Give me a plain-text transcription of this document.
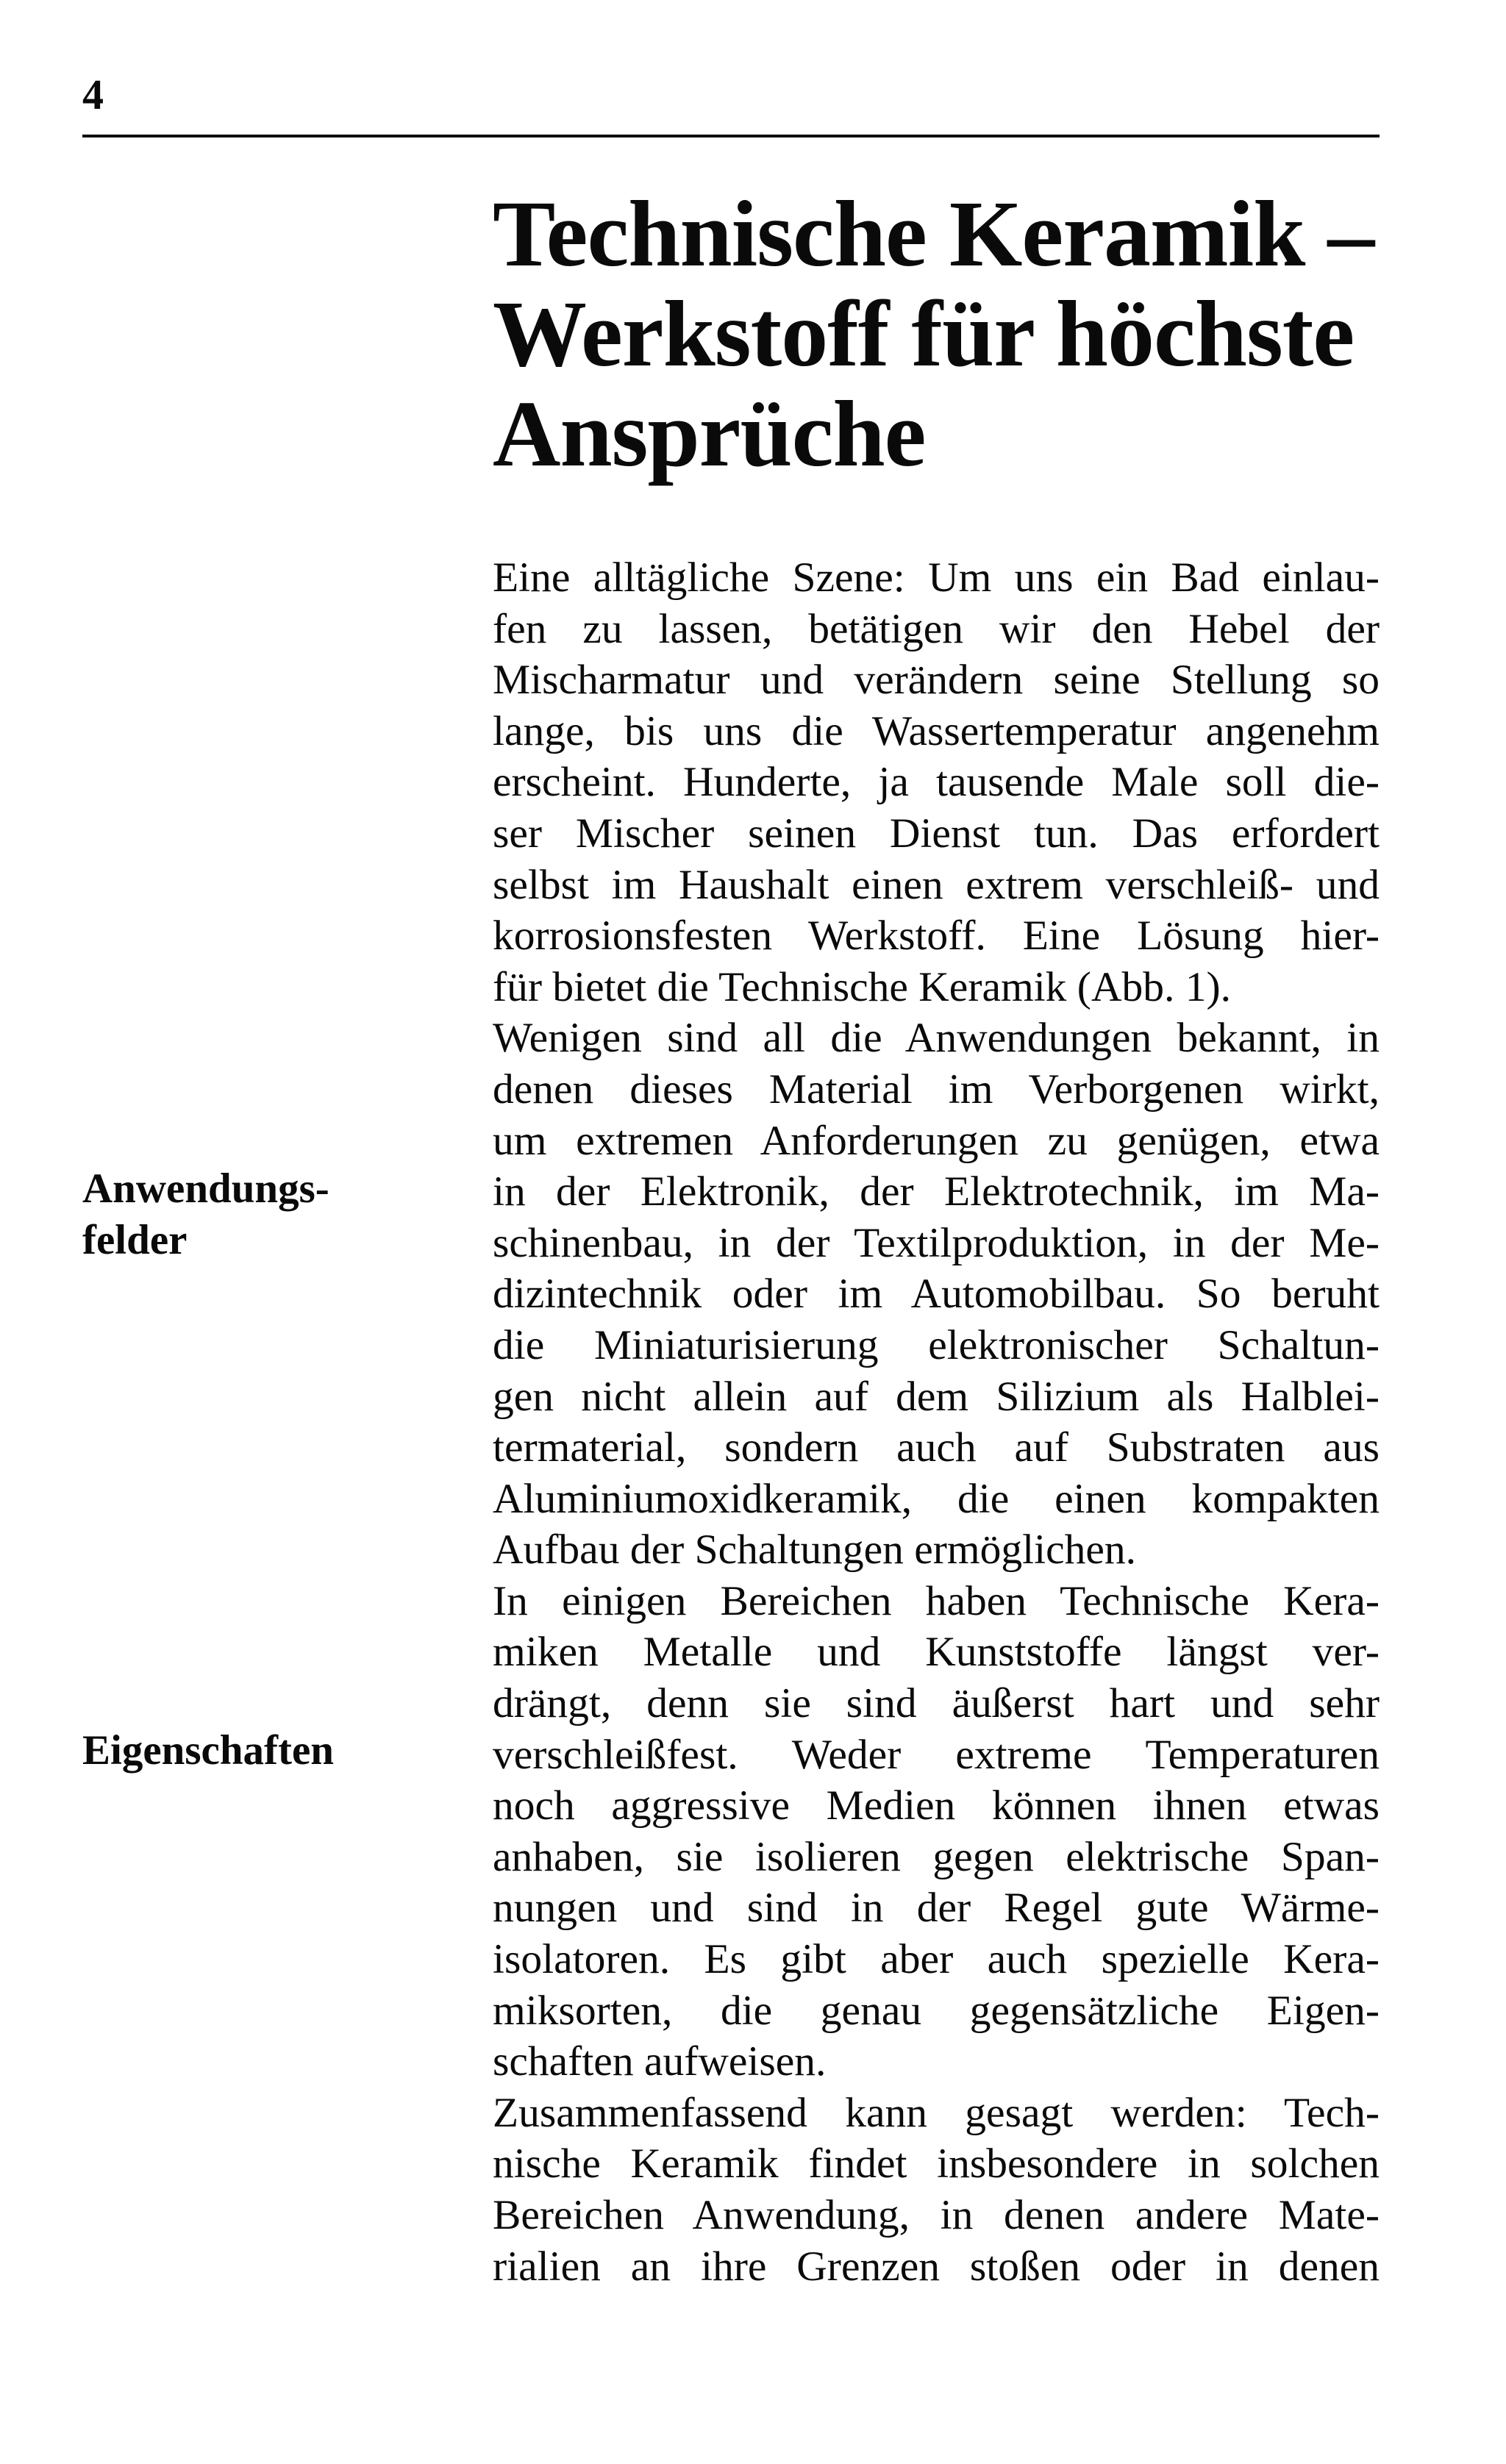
4
Technische Keramik –
Werkstoff für höchste
Ansprüche
Anwendungs-
felder
Eigenschaften
Eine alltägliche Szene: Um uns ein Bad einlau-
fen zu lassen, betätigen wir den Hebel der
Mischarmatur und verändern seine Stellung so
lange, bis uns die Wassertemperatur angenehm
erscheint. Hunderte, ja tausende Male soll die-
ser Mischer seinen Dienst tun. Das erfordert
selbst im Haushalt einen extrem verschleiß- und
korrosionsfesten Werkstoff. Eine Lösung hier-
für bietet die Technische Keramik (Abb. 1).
Wenigen sind all die Anwendungen bekannt, in
denen dieses Material im Verborgenen wirkt,
um extremen Anforderungen zu genügen, etwa
in der Elektronik, der Elektrotechnik, im Ma-
schinenbau, in der Textilproduktion, in der Me-
dizintechnik oder im Automobilbau. So beruht
die Miniaturisierung elektronischer Schaltun-
gen nicht allein auf dem Silizium als Halblei-
termaterial, sondern auch auf Substraten aus
Aluminiumoxidkeramik, die einen kompakten
Aufbau der Schaltungen ermöglichen.
In einigen Bereichen haben Technische Kera-
miken Metalle und Kunststoffe längst ver-
drängt, denn sie sind äußerst hart und sehr
verschleißfest. Weder extreme Temperaturen
noch aggressive Medien können ihnen etwas
anhaben, sie isolieren gegen elektrische Span-
nungen und sind in der Regel gute Wärme-
isolatoren. Es gibt aber auch spezielle Kera-
miksorten, die genau gegensätzliche Eigen-
schaften aufweisen.
Zusammenfassend kann gesagt werden: Tech-
nische Keramik findet insbesondere in solchen
Bereichen Anwendung, in denen andere Mate-
rialien an ihre Grenzen stoßen oder in denen
